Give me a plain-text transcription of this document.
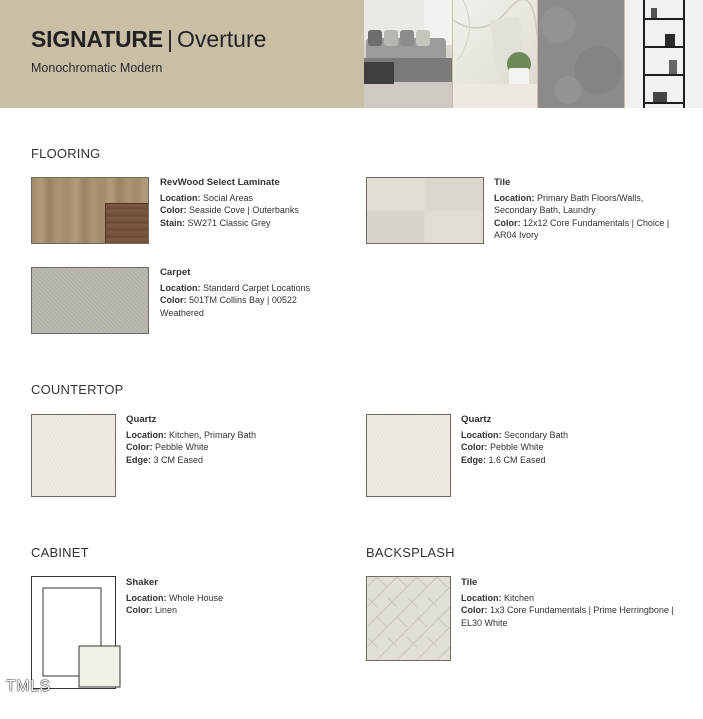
SIGNATURE | Overture
Monochromatic Modern
FLOORING
RevWood Select Laminate
Location: Social Areas
Color: Seaside Cove | Outerbanks
Stain: SW271 Classic Grey
Tile
Location: Primary Bath Floors/Walls,
Secondary Bath, Laundry
Color: 12x12 Core Fundamentals | Choice |
AR04 Ivory
Carpet
Location: Standard Carpet Locations
Color: 501TM Collins Bay | 00522
Weathered
COUNTERTOP
Quartz
Location: Kitchen, Primary Bath
Color: Pebble White
Edge: 3 CM Eased
Quartz
Location: Secondary Bath
Color: Pebble White
Edge: 1.6 CM Eased
CABINET
Shaker
Location: Whole House
Color: Linen
BACKSPLASH
Tile
Location: Kitchen
Color: 1x3 Core Fundamentals | Prime Herringbone |
EL30 White
TMLS
